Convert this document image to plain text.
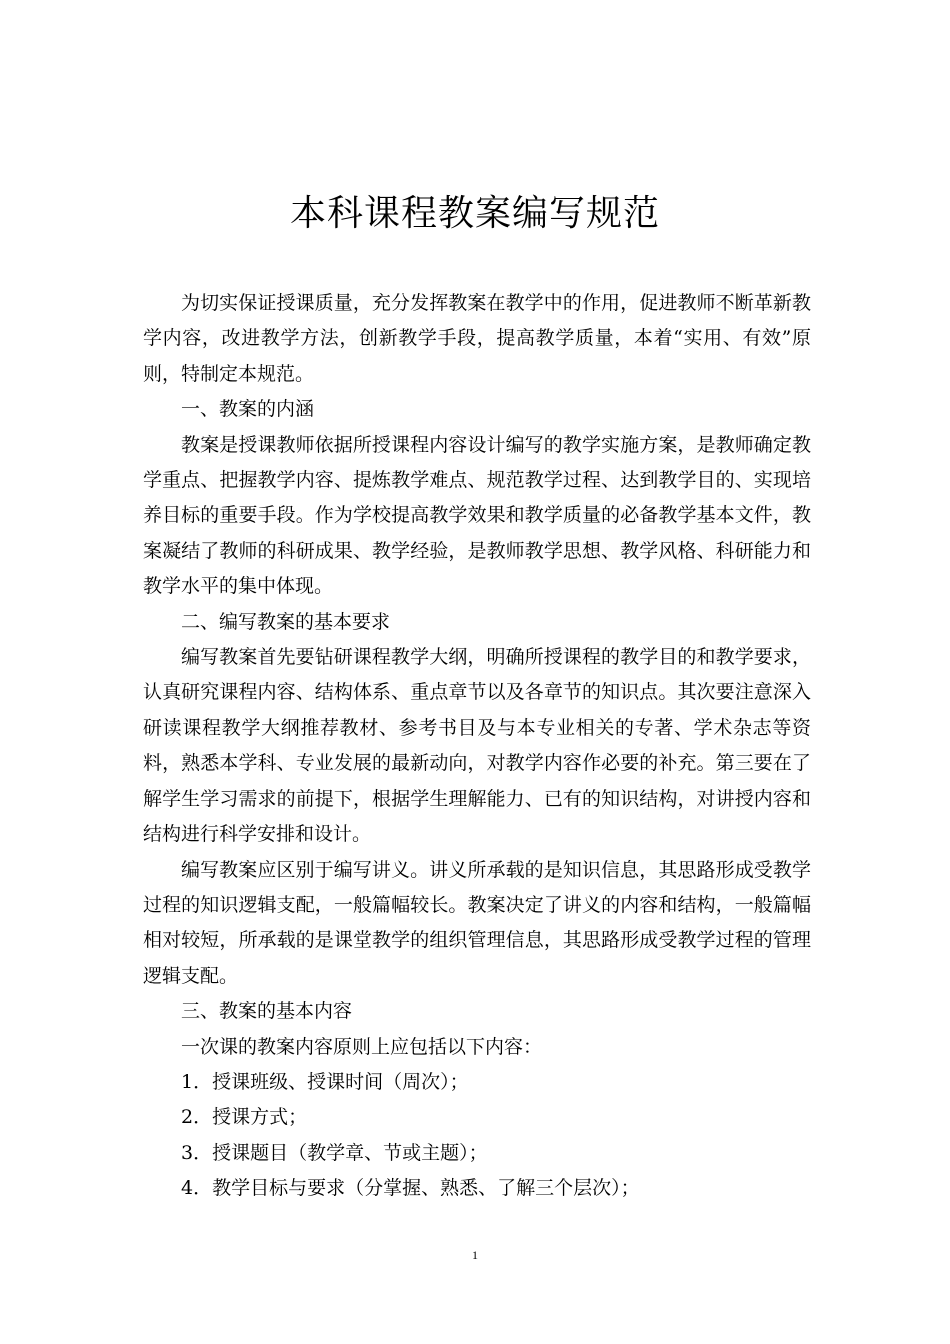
本科课程教案编写规范

为切实保证授课质量，充分发挥教案在教学中的作用，促进教师不断革新教学内容，改进教学方法，创新教学手段，提高教学质量，本着“实用、有效”原则，特制定本规范。

一、教案的内涵

教案是授课教师依据所授课程内容设计编写的教学实施方案，是教师确定教学重点、把握教学内容、提炼教学难点、规范教学过程、达到教学目的、实现培养目标的重要手段。作为学校提高教学效果和教学质量的必备教学基本文件，教案凝结了教师的科研成果、教学经验，是教师教学思想、教学风格、科研能力和教学水平的集中体现。

二、编写教案的基本要求

编写教案首先要钻研课程教学大纲，明确所授课程的教学目的和教学要求，认真研究课程内容、结构体系、重点章节以及各章节的知识点。其次要注意深入研读课程教学大纲推荐教材、参考书目及与本专业相关的专著、学术杂志等资料，熟悉本学科、专业发展的最新动向，对教学内容作必要的补充。第三要在了解学生学习需求的前提下，根据学生理解能力、已有的知识结构，对讲授内容和结构进行科学安排和设计。

编写教案应区别于编写讲义。讲义所承载的是知识信息，其思路形成受教学过程的知识逻辑支配，一般篇幅较长。教案决定了讲义的内容和结构，一般篇幅相对较短，所承载的是课堂教学的组织管理信息，其思路形成受教学过程的管理逻辑支配。

三、教案的基本内容

一次课的教案内容原则上应包括以下内容：

1．授课班级、授课时间（周次）；

2．授课方式；

3．授课题目（教学章、节或主题）；

4．教学目标与要求（分掌握、熟悉、了解三个层次）；

1
